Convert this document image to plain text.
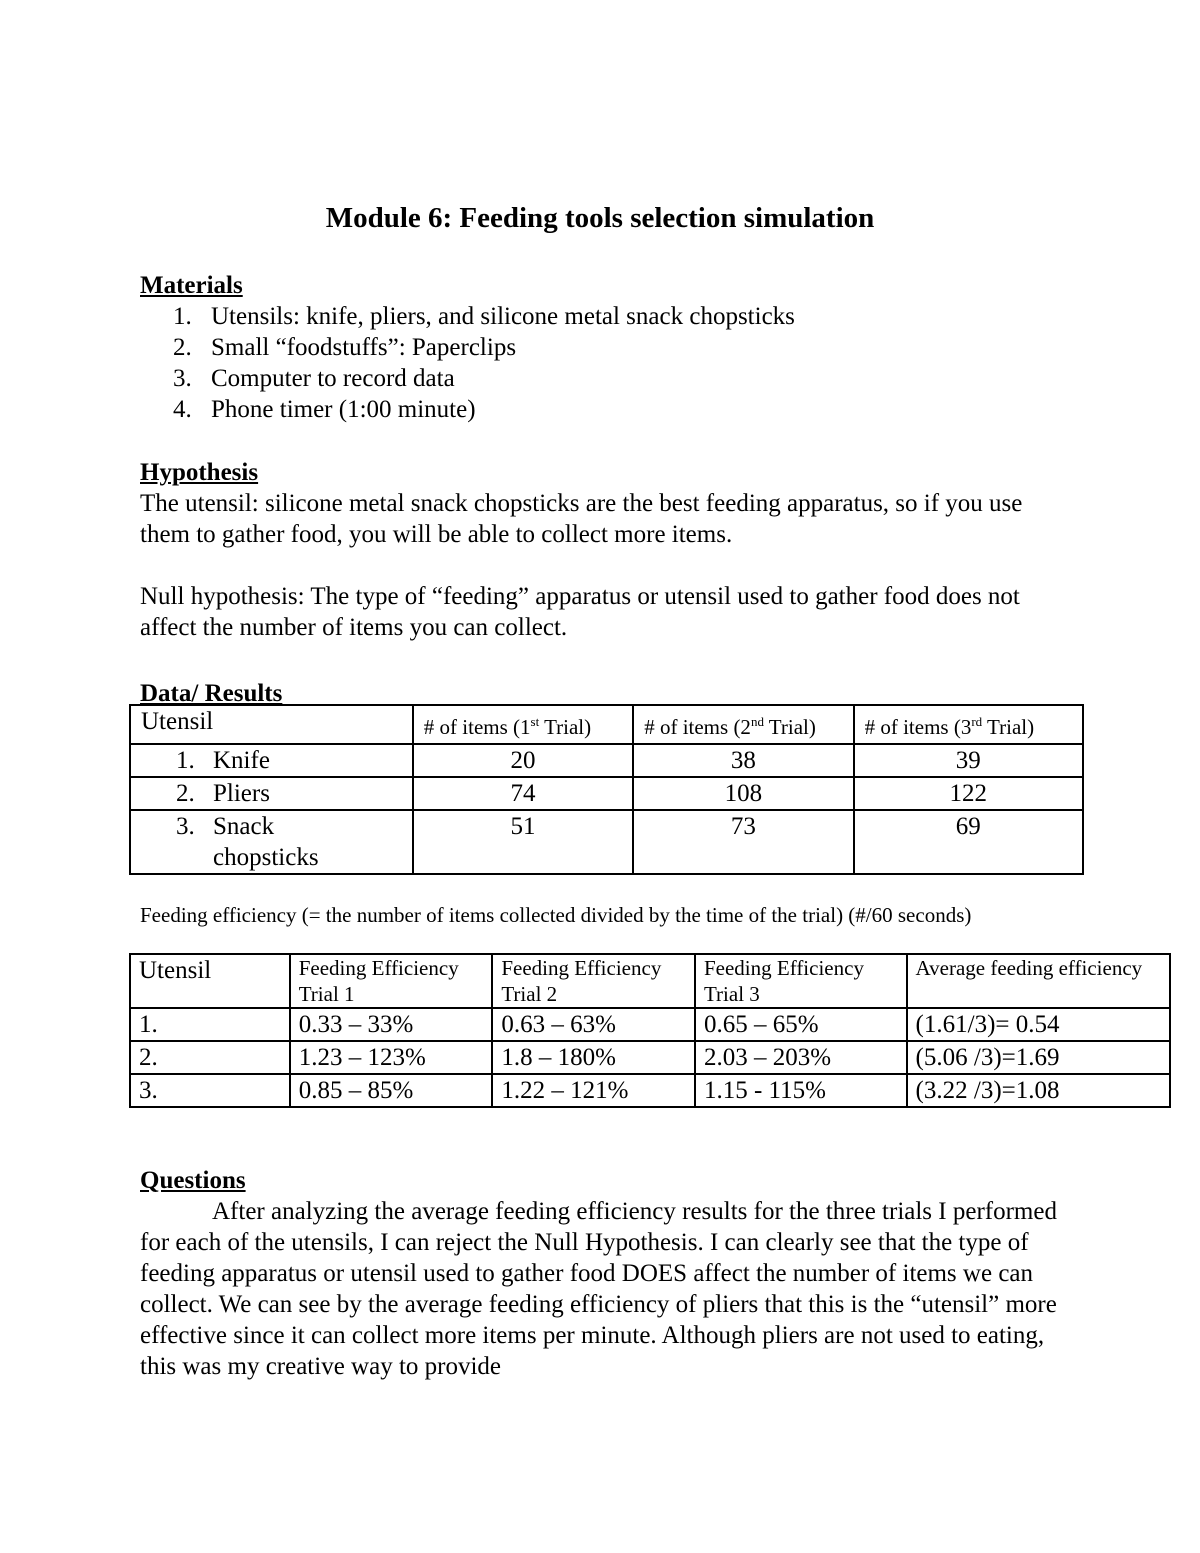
Module 6: Feeding tools selection simulation
Materials
1. Utensils: knife, pliers, and silicone metal snack chopsticks
2. Small “foodstuffs”: Paperclips
3. Computer to record data
4. Phone timer (1:00 minute)
Hypothesis

The utensil: silicone metal snack chopsticks are the best feeding apparatus, so if you use them to gather food, you will be able to collect more items.

Null hypothesis: The type of “feeding” apparatus or utensil used to gather food does not affect the number of items you can collect.

Data/ Results
Utensil	# of items (1st Trial)	# of items (2nd Trial)	# of items (3rd Trial)

1. Knife	20	38	39

2. Pliers	74	108	122

3. Snack chopsticks	51	73	69
Feeding efficiency (= the number of items collected divided by the time of the trial) (#/60 seconds)
Utensil	Feeding Efficiency Trial 1	Feeding Efficiency Trial 2	Feeding Efficiency Trial 3	Average feeding efficiency
1.	0.33 – 33%	0.63 – 63%	0.65 – 65%	(1.61/3)= 0.54
2.	1.23 – 123%	1.8 – 180%	2.03 – 203%	(5.06 /3)=1.69
3.	0.85 – 85%	1.22 – 121%	1.15 - 115%	(3.22 /3)=1.08
Questions

After analyzing the average feeding efficiency results for the three trials I performed for each of the utensils, I can reject the Null Hypothesis. I can clearly see that the type of feeding apparatus or utensil used to gather food DOES affect the number of items we can collect. We can see by the average feeding efficiency of pliers that this is the “utensil” more effective since it can collect more items per minute. Although pliers are not used to eating, this was my creative way to provide
